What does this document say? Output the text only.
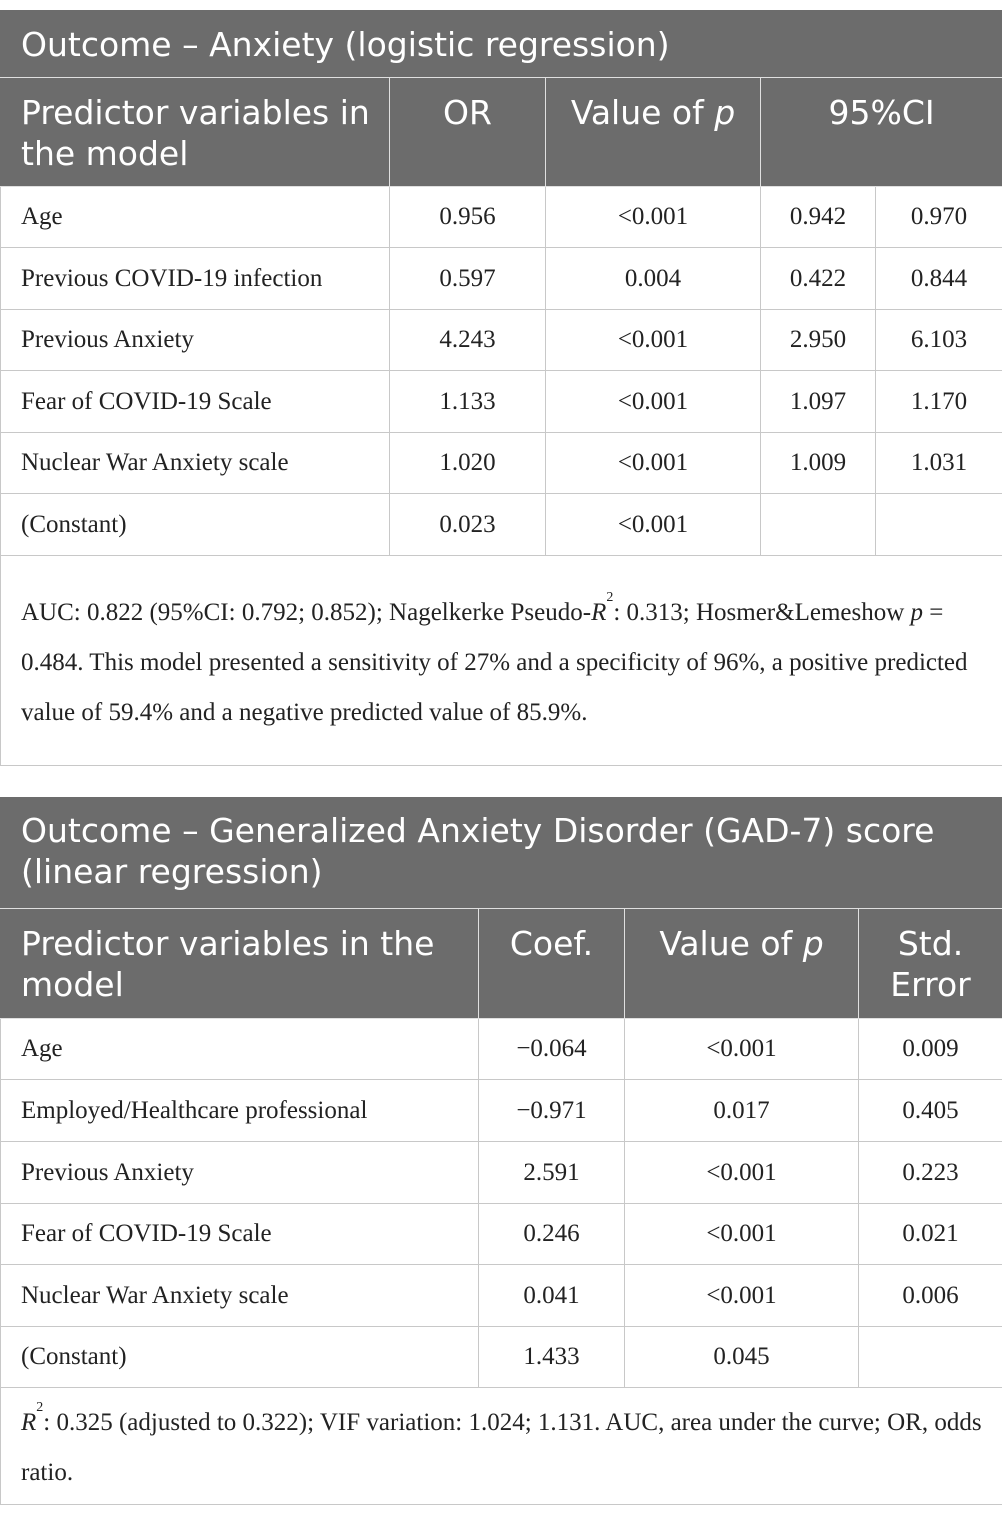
Outcome – Anxiety (logistic regression)				
Predictor variables in the model	OR	Value of p	95%CI	
Age	0.956	<0.001	0.942	0.970
Previous COVID-19 infection	0.597	0.004	0.422	0.844
Previous Anxiety	4.243	<0.001	2.950	6.103
Fear of COVID-19 Scale	1.133	<0.001	1.097	1.170
Nuclear War Anxiety scale	1.020	<0.001	1.009	1.031
(Constant)	0.023	<0.001		
AUC: 0.822 (95%CI: 0.792; 0.852); Nagelkerke Pseudo-$R^2$: 0.313; Hosmer&Lemeshow p = 0.484. This model presented a sensitivity of 27% and a specificity of 96%, a positive predicted value of 59.4% and a negative predicted value of 85.9%.				
Outcome – Generalized Anxiety Disorder (GAD-7) score (linear regression)			
Predictor variables in the model	Coef.	Value of p	Std. Error
Age	−0.064	<0.001	0.009
Employed/Healthcare professional	−0.971	0.017	0.405
Previous Anxiety	2.591	<0.001	0.223
Fear of COVID-19 Scale	0.246	<0.001	0.021
Nuclear War Anxiety scale	0.041	<0.001	0.006
(Constant)	1.433	0.045	
$R^2$: 0.325 (adjusted to 0.322); VIF variation: 1.024; 1.131. AUC, area under the curve; OR, odds ratio.			
